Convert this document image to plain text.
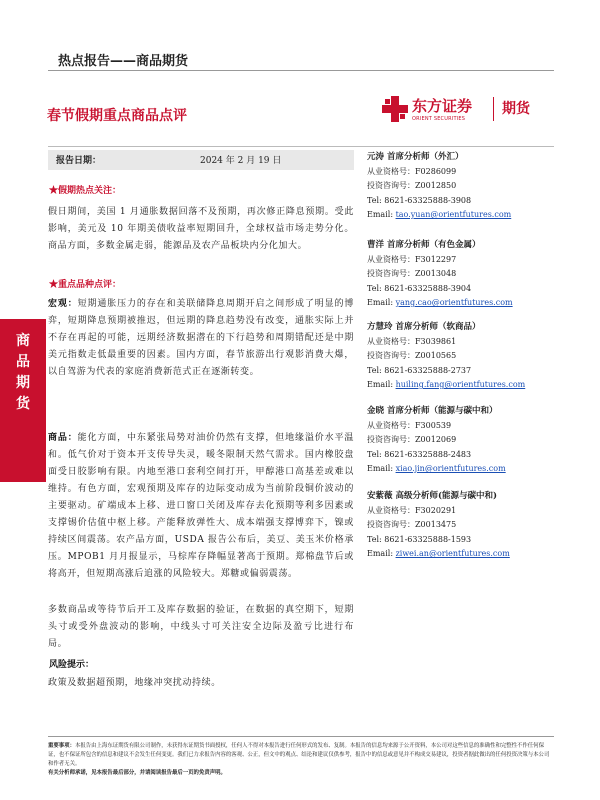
热点报告——商品期货
春节假期重点商品点评
东方证券
ORIENT SECURITIES
期货
报告日期：	2024 年 2 月 19 日
★假期热点关注：
假日期间，美国 1 月通胀数据回落不及预期，再次修正降息预期。受此影响，美元及 10 年期美债收益率短期回升，全球权益市场走势分化。商品方面，多数金属走弱，能源品及农产品板块内分化加大。
★重点品种点评：
宏观：短期通胀压力的存在和美联储降息周期开启之间形成了明显的博弈，短期降息预期被推迟，但远期的降息趋势没有改变，通胀实际上并不存在再起的可能，远期经济数据潜在的下行趋势和周期错配还是中期美元指数走低最重要的因素。国内方面，春节旅游出行观影消费大爆，以自驾游为代表的家庭消费新范式正在逐渐转变。
商品：能化方面，中东紧张局势对油价仍然有支撑，但地缘溢价水平温和。低气价对于资本开支传导失灵，暖冬限制天然气需求。国内橡胶盘面受日胶影响有限。内地至港口套利空间打开，甲醇港口高基差或难以维持。有色方面，宏观预期及库存的边际变动成为当前阶段铜价波动的主要驱动。矿端成本上移、进口窗口关闭及库存去化预期等利多因素或支撑锡价估值中枢上移。产能释放弹性大、成本端强支撑博弈下，镍或持续区间震荡。农产品方面，USDA 报告公布后，美豆、美玉米价格承压。MPOB1 月月报显示，马棕库存降幅显著高于预期。郑棉盘节后或将高开，但短期高涨后追涨的风险较大。郑糖或偏弱震荡。
多数商品或等待节后开工及库存数据的验证，在数据的真空期下，短期头寸或受外盘波动的影响，中线头寸可关注安全边际及盈亏比进行布局。
风险提示：
政策及数据超预期，地缘冲突扰动持续。
商品期货
元涛 首席分析师（外汇）
从业资格号：F0286099
投资咨询号：Z0012850
Tel: 8621-63325888-3908
Email: tao.yuan@orientfutures.com
曹洋 首席分析师（有色金属）
从业资格号：F3012297
投资咨询号：Z0013048
Tel: 8621-63325888-3904
Email: yang.cao@orientfutures.com
方慧玲 首席分析师（软商品）
从业资格号：F3039861
投资咨询号：Z0010565
Tel: 8621-63325888-2737
Email: huiling.fang@orientfutures.com
金晓 首席分析师（能源与碳中和）
从业资格号：F300539
投资咨询号：Z0012069
Tel: 8621-63325888-2483
Email: xiao.jin@orientfutures.com
安紫薇 高级分析师(能源与碳中和)
从业资格号：F3020291
投资咨询号：Z0013475
Tel: 8621-63325888-1593
Email: ziwei.an@orientfutures.com
重要事项：本报告由上海东证期货有限公司制作，未获得东证期货书面授权，任何人不得对本报告进行任何形式的发布、复制。本报告的信息均来源于公开资料，本公司对这些信息的准确性和完整性不作任何保证，也不保证所包含的信息和建议不会发生任何变更。我们已力求报告内容的客观、公正，但文中的观点、结论和建议仅供参考，报告中的信息或意见并不构成交易建议，投资者据此做出的任何投资决策与本公司和作者无关。
有关分析师承诺，见本报告最后部分，并请阅读报告最后一页的免责声明。
